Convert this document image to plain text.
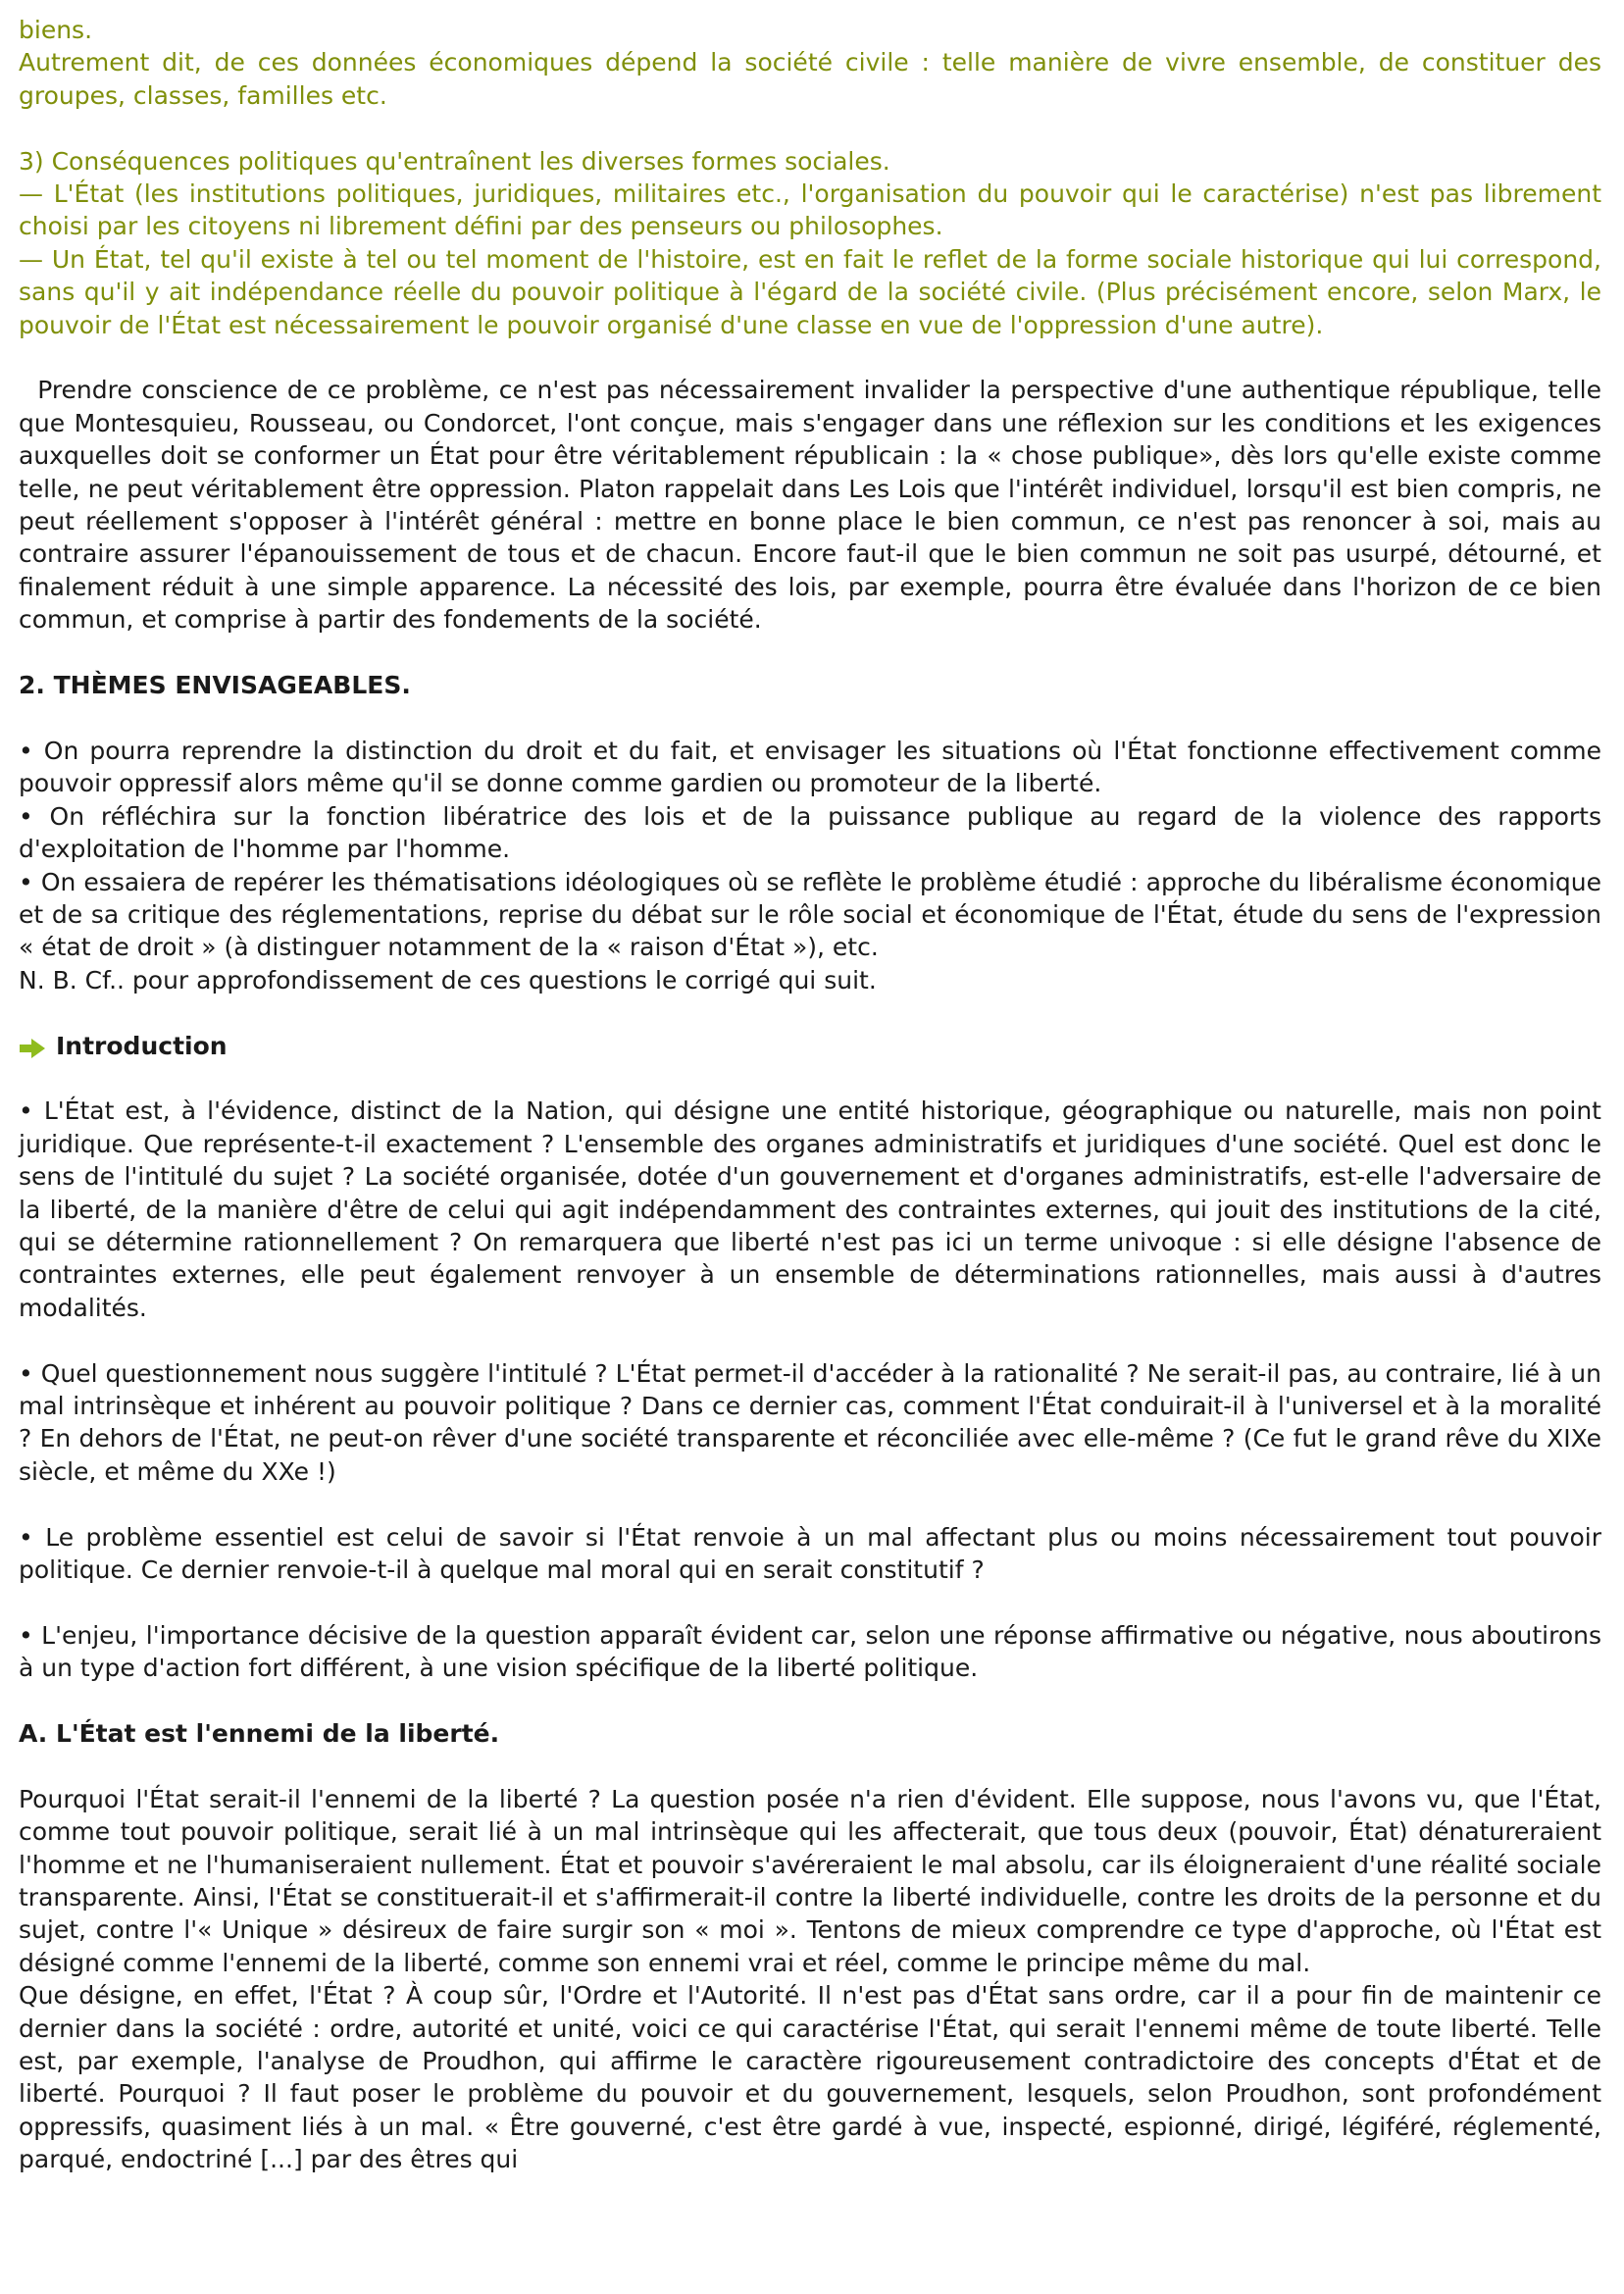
biens.

Autrement dit, de ces données économiques dépend la société civile : telle manière de vivre ensemble, de constituer des groupes, classes, familles etc.

3) Conséquences politiques qu'entraînent les diverses formes sociales.

— L'État (les institutions politiques, juridiques, militaires etc., l'organisation du pouvoir qui le caractérise) n'est pas librement choisi par les citoyens ni librement défini par des penseurs ou philosophes.

— Un État, tel qu'il existe à tel ou tel moment de l'histoire, est en fait le reflet de la forme sociale historique qui lui correspond, sans qu'il y ait indépendance réelle du pouvoir politique à l'égard de la société civile. (Plus précisément encore, selon Marx, le pouvoir de l'État est nécessairement le pouvoir organisé d'une classe en vue de l'oppression d'une autre).

Prendre conscience de ce problème, ce n'est pas nécessairement invalider la perspective d'une authentique république, telle que Montesquieu, Rousseau, ou Condorcet, l'ont conçue, mais s'engager dans une réflexion sur les conditions et les exigences auxquelles doit se conformer un État pour être véritablement républicain : la « chose publique», dès lors qu'elle existe comme telle, ne peut véritablement être oppression. Platon rappelait dans Les Lois que l'intérêt individuel, lorsqu'il est bien compris, ne peut réellement s'opposer à l'intérêt général : mettre en bonne place le bien commun, ce n'est pas renoncer à soi, mais au contraire assurer l'épanouissement de tous et de chacun. Encore faut-il que le bien commun ne soit pas usurpé, détourné, et finalement réduit à une simple apparence. La nécessité des lois, par exemple, pourra être évaluée dans l'horizon de ce bien commun, et comprise à partir des fondements de la société.

2. THÈMES ENVISAGEABLES.

• On pourra reprendre la distinction du droit et du fait, et envisager les situations où l'État fonctionne effectivement comme pouvoir oppressif alors même qu'il se donne comme gardien ou promoteur de la liberté.

• On réfléchira sur la fonction libératrice des lois et de la puissance publique au regard de la violence des rapports d'exploitation de l'homme par l'homme.

• On essaiera de repérer les thématisations idéologiques où se reflète le problème étudié : approche du libéralisme économique et de sa critique des réglementations, reprise du débat sur le rôle social et économique de l'État, étude du sens de l'expression « état de droit » (à distinguer notamment de la « raison d'État »), etc.

N. B. Cf.. pour approfondissement de ces questions le corrigé qui suit.

Introduction

• L'État est, à l'évidence, distinct de la Nation, qui désigne une entité historique, géographique ou naturelle, mais non point juridique. Que représente-t-il exactement ? L'ensemble des organes administratifs et juridiques d'une société. Quel est donc le sens de l'intitulé du sujet ? La société organisée, dotée d'un gouvernement et d'organes administratifs, est-elle l'adversaire de la liberté, de la manière d'être de celui qui agit indépendamment des contraintes externes, qui jouit des institutions de la cité, qui se détermine rationnellement ? On remarquera que liberté n'est pas ici un terme univoque : si elle désigne l'absence de contraintes externes, elle peut également renvoyer à un ensemble de déterminations rationnelles, mais aussi à d'autres modalités.

• Quel questionnement nous suggère l'intitulé ? L'État permet-il d'accéder à la rationalité ? Ne serait-il pas, au contraire, lié à un mal intrinsèque et inhérent au pouvoir politique ? Dans ce dernier cas, comment l'État conduirait-il à l'universel et à la moralité ? En dehors de l'État, ne peut-on rêver d'une société transparente et réconciliée avec elle-même ? (Ce fut le grand rêve du XIXe siècle, et même du XXe !)

• Le problème essentiel est celui de savoir si l'État renvoie à un mal affectant plus ou moins nécessairement tout pouvoir politique. Ce dernier renvoie-t-il à quelque mal moral qui en serait constitutif ?

• L'enjeu, l'importance décisive de la question apparaît évident car, selon une réponse affirmative ou négative, nous aboutirons à un type d'action fort différent, à une vision spécifique de la liberté politique.

A. L'État est l'ennemi de la liberté.

Pourquoi l'État serait-il l'ennemi de la liberté ? La question posée n'a rien d'évident. Elle suppose, nous l'avons vu, que l'État, comme tout pouvoir politique, serait lié à un mal intrinsèque qui les affecterait, que tous deux (pouvoir, État) dénatureraient l'homme et ne l'humaniseraient nullement. État et pouvoir s'avéreraient le mal absolu, car ils éloigneraient d'une réalité sociale transparente. Ainsi, l'État se constituerait-il et s'affirmerait-il contre la liberté individuelle, contre les droits de la personne et du sujet, contre l'« Unique » désireux de faire surgir son « moi ». Tentons de mieux comprendre ce type d'approche, où l'État est désigné comme l'ennemi de la liberté, comme son ennemi vrai et réel, comme le principe même du mal.

Que désigne, en effet, l'État ? À coup sûr, l'Ordre et l'Autorité. Il n'est pas d'État sans ordre, car il a pour fin de maintenir ce dernier dans la société : ordre, autorité et unité, voici ce qui caractérise l'État, qui serait l'ennemi même de toute liberté. Telle est, par exemple, l'analyse de Proudhon, qui affirme le caractère rigoureusement contradictoire des concepts d'État et de liberté. Pourquoi ? Il faut poser le problème du pouvoir et du gouvernement, lesquels, selon Proudhon, sont profondément oppressifs, quasiment liés à un mal. « Être gouverné, c'est être gardé à vue, inspecté, espionné, dirigé, légiféré, réglementé, parqué, endoctriné [...] par des êtres qui
